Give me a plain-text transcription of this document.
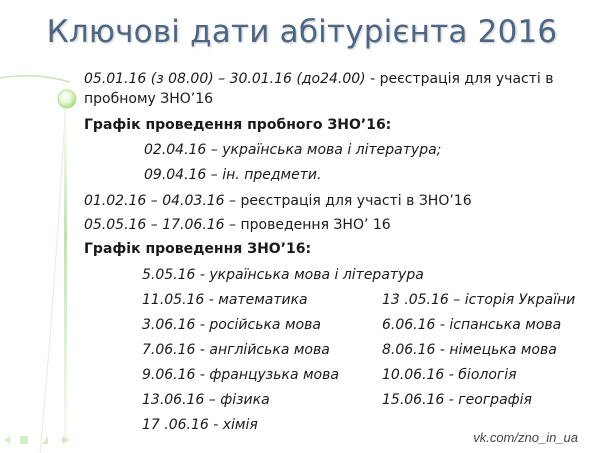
Ключові дати абітурієнта 2016
05.01.16 (з 08.00) – 30.01.16 (до24.00) - реєстрація для участі в
пробному ЗНО’16
Графік проведення пробного ЗНО’16:
02.04.16 – українська мова і література;
09.04.16 – ін. предмети.
01.02.16 – 04.03.16 – реєстрація для участі в ЗНО’16
05.05.16 – 17.06.16 – проведення ЗНО’ 16
Графік проведення ЗНО’16:
5.05.16 - українська мова і література
11.05.16 - математика
3.06.16 - російська мова
7.06.16 - англійська мова
9.06.16 - французька мова
13.06.16 – фізика
17 .06.16 - хімія
13 .05.16 – історія України
6.06.16 - іспанська мова
8.06.16 - німецька мова
10.06.16 - біологія
15.06.16 - географія
vk.com/zno_in_ua
